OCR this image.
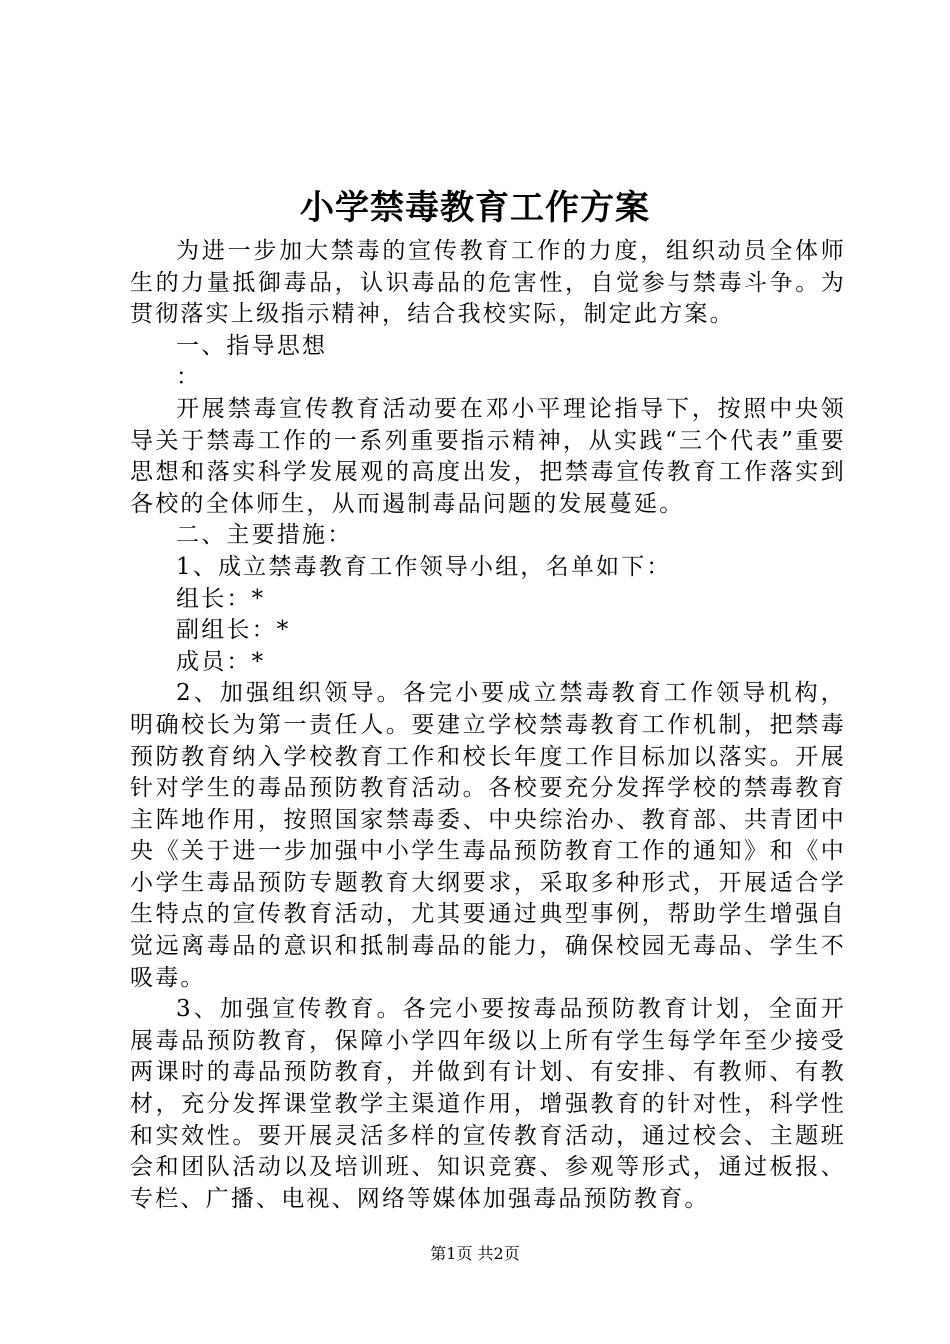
小学禁毒教育工作方案

为进一步加大禁毒的宣传教育工作的力度，组织动员全体师生的力量抵御毒品，认识毒品的危害性，自觉参与禁毒斗争。为贯彻落实上级指示精神，结合我校实际，制定此方案。

一、指导思想

：

开展禁毒宣传教育活动要在邓小平理论指导下，按照中央领导关于禁毒工作的一系列重要指示精神，从实践“三个代表”重要思想和落实科学发展观的高度出发，把禁毒宣传教育工作落实到各校的全体师生，从而遏制毒品问题的发展蔓延。

二、主要措施：

1、成立禁毒教育工作领导小组，名单如下：

组长：*

副组长：*

成员：*

2、加强组织领导。各完小要成立禁毒教育工作领导机构，明确校长为第一责任人。要建立学校禁毒教育工作机制，把禁毒预防教育纳入学校教育工作和校长年度工作目标加以落实。开展针对学生的毒品预防教育活动。各校要充分发挥学校的禁毒教育主阵地作用，按照国家禁毒委、中央综治办、教育部、共青团中央《关于进一步加强中小学生毒品预防教育工作的通知》和《中小学生毒品预防专题教育大纲要求，采取多种形式，开展适合学生特点的宣传教育活动，尤其要通过典型事例，帮助学生增强自觉远离毒品的意识和抵制毒品的能力，确保校园无毒品、学生不吸毒。

3、加强宣传教育。各完小要按毒品预防教育计划，全面开展毒品预防教育，保障小学四年级以上所有学生每学年至少接受两课时的毒品预防教育，并做到有计划、有安排、有教师、有教材，充分发挥课堂教学主渠道作用，增强教育的针对性，科学性和实效性。要开展灵活多样的宣传教育活动，通过校会、主题班会和团队活动以及培训班、知识竞赛、参观等形式，通过板报、专栏、广播、电视、网络等媒体加强毒品预防教育。

第1页 共2页
